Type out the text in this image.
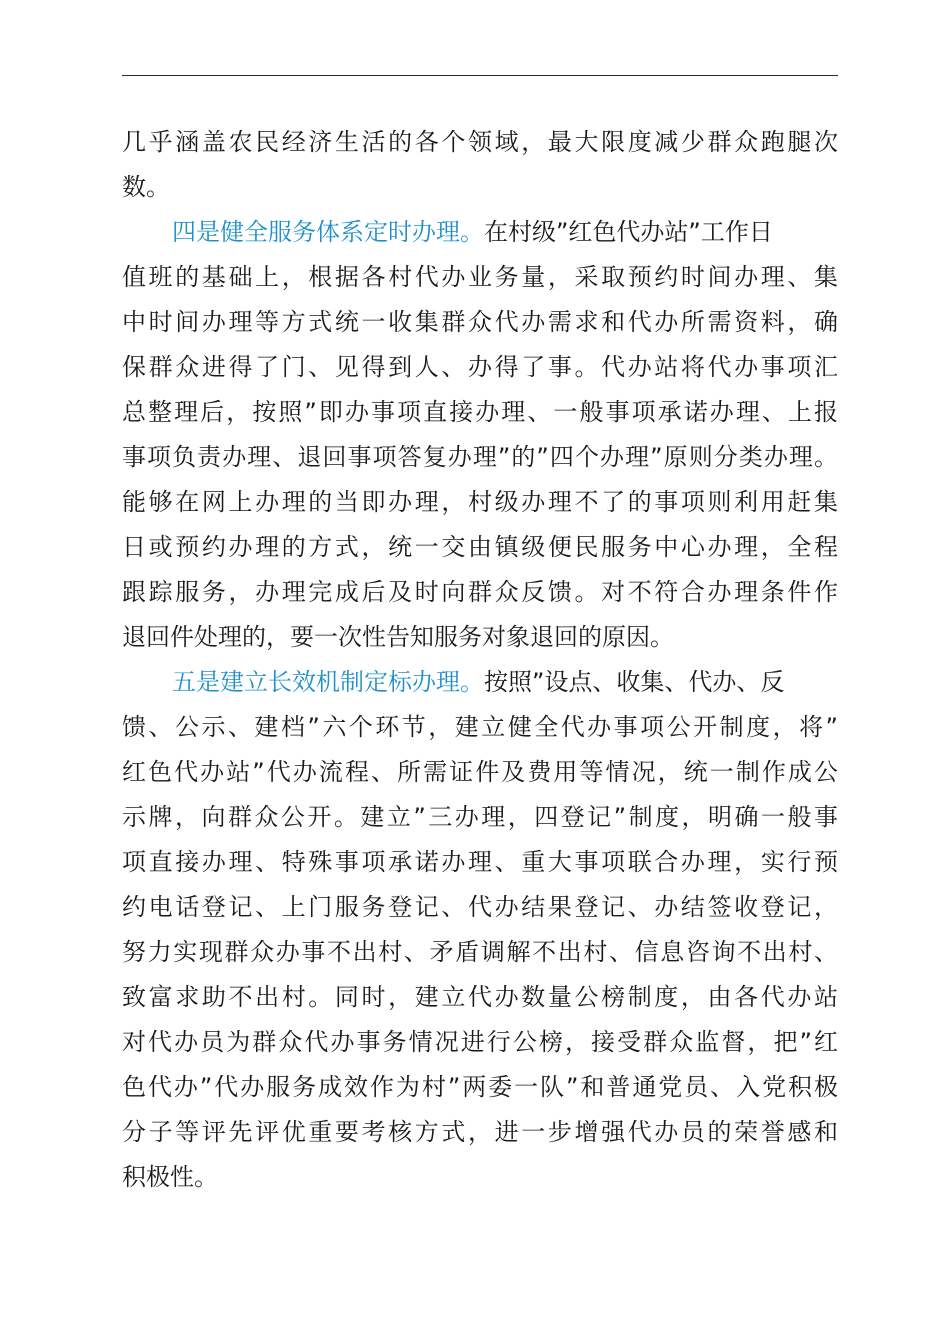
几乎涵盖农民经济生活的各个领域，最大限度减少群众跑腿次
数。
四是健全服务体系定时办理。在村级”红色代办站”工作日
值班的基础上，根据各村代办业务量，采取预约时间办理、集
中时间办理等方式统一收集群众代办需求和代办所需资料，确
保群众进得了门、见得到人、办得了事。代办站将代办事项汇
总整理后，按照”即办事项直接办理、一般事项承诺办理、上报
事项负责办理、退回事项答复办理”的”四个办理”原则分类办理。
能够在网上办理的当即办理，村级办理不了的事项则利用赶集
日或预约办理的方式，统一交由镇级便民服务中心办理，全程
跟踪服务，办理完成后及时向群众反馈。对不符合办理条件作
退回件处理的，要一次性告知服务对象退回的原因。
五是建立长效机制定标办理。按照”设点、收集、代办、反
馈、公示、建档”六个环节，建立健全代办事项公开制度，将”
红色代办站”代办流程、所需证件及费用等情况，统一制作成公
示牌，向群众公开。建立”三办理，四登记”制度，明确一般事
项直接办理、特殊事项承诺办理、重大事项联合办理，实行预
约电话登记、上门服务登记、代办结果登记、办结签收登记，
努力实现群众办事不出村、矛盾调解不出村、信息咨询不出村、
致富求助不出村。同时，建立代办数量公榜制度，由各代办站
对代办员为群众代办事务情况进行公榜，接受群众监督，把”红
色代办”代办服务成效作为村”两委一队”和普通党员、入党积极
分子等评先评优重要考核方式，进一步增强代办员的荣誉感和
积极性。
